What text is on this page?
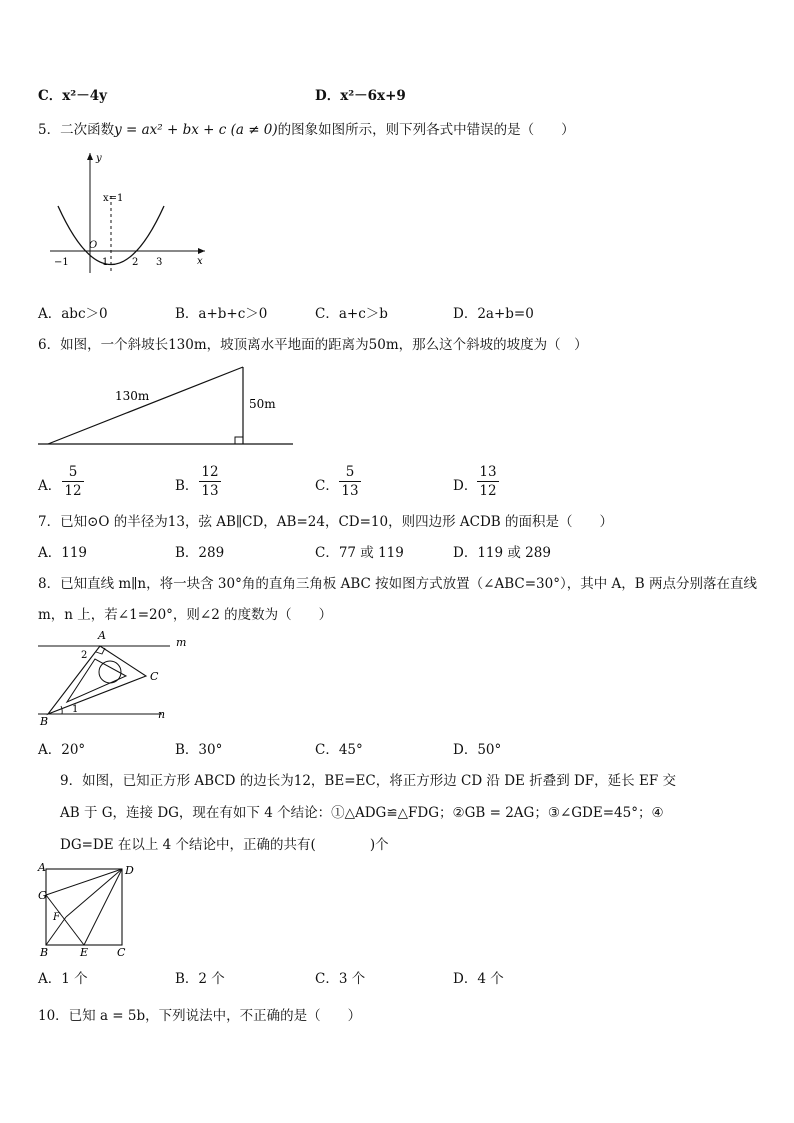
C．x²－4y	D．x²－6x+9
5．二次函数y = ax² + bx + c (a ≠ 0)的图象如图所示，则下列各式中错误的是（　　）
y
x
O
x=1
−1	1 2 3
A．abc＞0	B．a+b+c＞0	C．a+c＞b	D．2a+b=0
6．如图，一个斜坡长130m，坡顶离水平地面的距离为50m，那么这个斜坡的坡度为（　）
130m
50m
A．
5
12	B．
12
13	C．
5
13	D．
13
12
7．已知⊙O 的半径为13，弦 AB∥CD，AB=24，CD=10，则四边形 ACDB 的面积是（　　）
A．119	B．289	C．77 或 119	D．119 或 289
8．已知直线 m∥n，将一块含 30°角的直角三角板 ABC 按如图方式放置（∠ABC=30°），其中 A，B 两点分别落在直线
m，n 上，若∠1=20°，则∠2 的度数为（　　）
A
B
C
m
n
1
2
A．20°	B．30°	C．45°	D．50°
9．如图，已知正方形 ABCD 的边长为12，BE=EC，将正方形边 CD 沿 DE 折叠到 DF，延长 EF 交
AB 于 G，连接 DG，现在有如下 4 个结论：①△ADG≌△FDG；②GB = 2AG；③∠GDE=45°；④
DG=DE 在以上 4 个结论中，正确的共有(　　　　)个
A	D
G
F
B	E	C
A．1 个	B．2 个	C．3 个	D．4 个
10．已知 a = 5b，下列说法中，不正确的是（　　）
